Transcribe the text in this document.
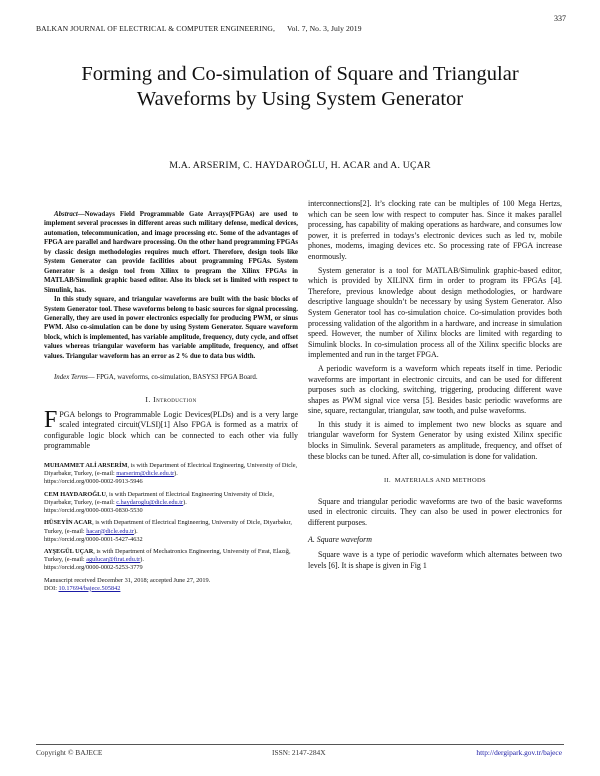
BALKAN JOURNAL OF ELECTRICAL & COMPUTER ENGINEERING, Vol. 7, No. 3, July 2019
337
Forming and Co-simulation of Square and Triangular Waveforms by Using System Generator
M.A. ARSERIM, C. HAYDAROĞLU, H. ACAR and A. UÇAR

Abstract—Nowadays Field Programmable Gate Arrays(FPGAs) are used to implement several processes in different areas such military defense, medical devices, automation, telecommunication, and image processing etc. Some of the advantages of FPGA are parallel and hardware processing. On the other hand programming FPGAs by classic design methodologies requires much effort. Therefore, design tools like System Generator can provide facilities about programming FPGAs. System Generator is a design tool from Xilinx to program the Xilinx FPGAs in MATLAB/Simulink graphic based editor. Also its block set is limited with respect to Simulink, has.

In this study square, and triangular waveforms are built with the basic blocks of System Generator tool. These waveforms belong to basic sources for signal processing. Generally, they are used in power electronics especially for producing PWM, or sinus PWM. Also co-simulation can be done by using System Generator. Square waveform block, which is implemented, has variable amplitude, frequency, duty cycle, and offset values whereas triangular waveform has variable amplitude, frequency, and offset values. Triangular waveform has an error as 2 % due to data bus width.

Index Terms— FPGA, waveforms, co-simulation, BASYS3 FPGA Board.
I. Introduction

FPGA belongs to Programmable Logic Devices(PLDs) and is a very large scaled integrated circuit(VLSI)[1] Also FPGA is formed as a matrix of configurable logic block which can be connected to each other via fully programmable

MUHAMMET ALİ ARSERİM, is with Department of Electrical Engineering, University of Dicle, Diyarbakır, Turkey, (e-mail: marserim@dicle.edu.tr).
https://orcid.org/0000-0002-9913-5946

CEM HAYDAROĞLU, is with Department of Electrical Engineering University of Dicle, Diyarbakır, Turkey, (e-mail: c.haydaroglu@dicle.edu.tr).
https://orcid.org/0000-0003-0830-5530

HÜSEYİN ACAR, is with Department of Electrical Engineering, University of Dicle, Diyarbakır, Turkey, (e-mail: hacar@dicle.edu.tr).
https://orcid.org/0000-0001-5427-4632

AYŞEGÜL UÇAR, is with Department of Mechatronics Engineering, University of Fırat, Elazığ, Turkey, (e-mail: agulucar@firat.edu.tr).
https://orcid.org/0000-0002-5253-3779

Manuscript received December 31, 2018; accepted June 27, 2019.
DOI: 10.17694/bajece.505842

interconnections[2]. It’s clocking rate can be multiples of 100 Mega Hertzs, which can be seen low with respect to computer has. Since it makes parallel processing, has capability of making operations as hardware, and consumes low power, it is preferred in todays’s electronic devices such as led tv, mobile phones, modems, imaging devices etc. So processing rate of FPGA increase enormously.

System generator is a tool for MATLAB/Simulink graphic-based editor, which is provided by XILINX firm in order to program its FPGAs [4]. Therefore, previous knowledge about design methodologies, or hardware descriptive language shouldn’t be necessary by using System Generator. Also System Generator tool has co-simulation choice. Co-simulation provides both processing validation of the algorithm in a hardware, and increase in simulation speed. However, the number of Xilinx blocks are limited with regarding to Simulink blocks. In co-simulation process all of the Xilinx specific blocks are implemented and run in the target FPGA.

A periodic waveform is a waveform which repeats itself in time. Periodic waveforms are important in electronic circuits, and can be used for different purposes such as clocking, switching, triggering, producing different wave shapes as PWM signal vice versa [5]. Besides basic periodic waveforms are sine, square, rectangular, triangular, saw tooth, and pulse waveforms.

In this study it is aimed to implement two new blocks as square and triangular waveform for System Generator by using existed Xilinx specific blocks in Simulink. Several parameters as amplitude, frequency, and offset of these blocks can be tuned. After all, co-simulation is done for validation.

II. MATERIALS AND METHODS

Square and triangular periodic waveforms are two of the basic waveforms used in electronic circuits. They can also be used in power electronics for different purposes.

A. Square waveform

Square wave is a type of periodic waveform which alternates between two levels [6]. It is shape is given in Fig 1

Copyright © BAJECE	ISSN: 2147-284X	http://dergipark.gov.tr/bajece
